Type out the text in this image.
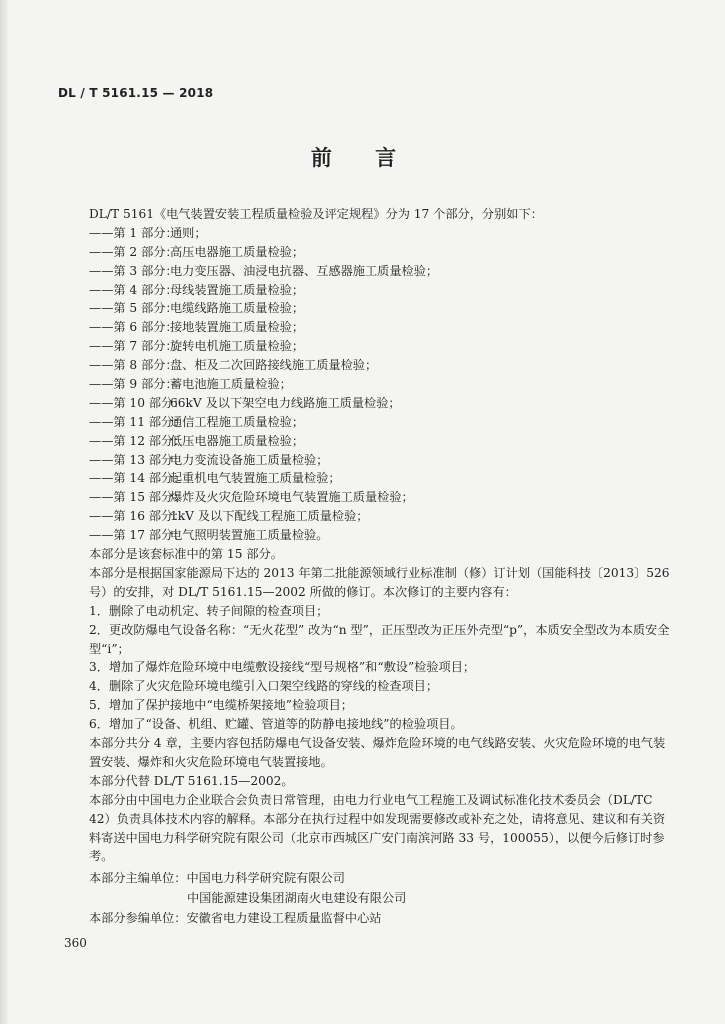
DL / T 5161.15 — 2018
前 言
DL/T 5161《电气装置安装工程质量检验及评定规程》分为 17 个部分，分别如下：
——第 1 部分：通则；
——第 2 部分：高压电器施工质量检验；
——第 3 部分：电力变压器、油浸电抗器、互感器施工质量检验；
——第 4 部分：母线装置施工质量检验；
——第 5 部分：电缆线路施工质量检验；
——第 6 部分：接地装置施工质量检验；
——第 7 部分：旋转电机施工质量检验；
——第 8 部分：盘、柜及二次回路接线施工质量检验；
——第 9 部分：蓄电池施工质量检验；
——第 10 部分：66kV 及以下架空电力线路施工质量检验；
——第 11 部分：通信工程施工质量检验；
——第 12 部分：低压电器施工质量检验；
——第 13 部分：电力变流设备施工质量检验；
——第 14 部分：起重机电气装置施工质量检验；
——第 15 部分：爆炸及火灾危险环境电气装置施工质量检验；
——第 16 部分：1kV 及以下配线工程施工质量检验；
——第 17 部分：电气照明装置施工质量检验。
本部分是该套标准中的第 15 部分。
本部分是根据国家能源局下达的 2013 年第二批能源领域行业标准制（修）订计划（国能科技〔2013〕526 号）的安排，对 DL/T 5161.15—2002 所做的修订。本次修订的主要内容有：
1．删除了电动机定、转子间隙的检查项目；
2．更改防爆电气设备名称：“无火花型” 改为“n 型”，正压型改为正压外壳型“p”，本质安全型改为本质安全型“i”；
3．增加了爆炸危险环境中电缆敷设接线“型号规格”和“敷设”检验项目；
4．删除了火灾危险环境电缆引入口架空线路的穿线的检查项目；
5．增加了保护接地中“电缆桥架接地”检验项目；
6．增加了“设备、机组、贮罐、管道等的防静电接地线”的检验项目。
本部分共分 4 章，主要内容包括防爆电气设备安装、爆炸危险环境的电气线路安装、火灾危险环境的电气装置安装、爆炸和火灾危险环境电气装置接地。
本部分代替 DL/T 5161.15—2002。
本部分由中国电力企业联合会负责日常管理，由电力行业电气工程施工及调试标准化技术委员会（DL/TC 42）负责具体技术内容的解释。本部分在执行过程中如发现需要修改或补充之处，请将意见、建议和有关资料寄送中国电力科学研究院有限公司（北京市西城区广安门南滨河路 33 号，100055），以便今后修订时参考。
本部分主编单位：中国电力科学研究院有限公司
中国能源建设集团湖南火电建设有限公司
本部分参编单位：安徽省电力建设工程质量监督中心站
360
